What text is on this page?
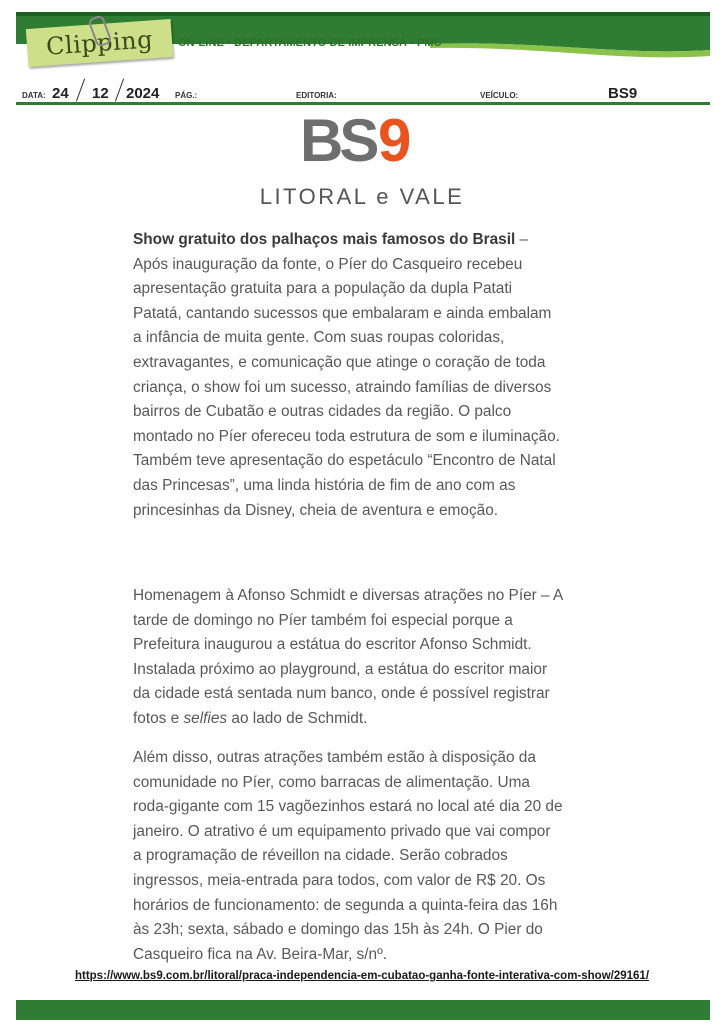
Clipping ON-LINE • DEPARTAMENTO DE IMPRENSA • PMC
DATA: 24 12 2024 PÁG.:	EDITORIA:	VEÍCULO:	BS9
BS 9
LITORAL e VALE
Show gratuito dos palhaços mais famosos do Brasil – Após inauguração da fonte, o Píer do Casqueiro recebeu apresentação gratuita para a população da dupla Patati Patatá, cantando sucessos que embalaram e ainda embalam a infância de muita gente. Com suas roupas coloridas, extravagantes, e comunicação que atinge o coração de toda criança, o show foi um sucesso, atraindo famílias de diversos bairros de Cubatão e outras cidades da região. O palco montado no Píer ofereceu toda estrutura de som e iluminação. Também teve apresentação do espetáculo “Encontro de Natal das Princesas”, uma linda história de fim de ano com as princesinhas da Disney, cheia de aventura e emoção.
Homenagem à Afonso Schmidt e diversas atrações no Píer – A tarde de domingo no Píer também foi especial porque a Prefeitura inaugurou a estátua do escritor Afonso Schmidt. Instalada próximo ao playground, a estátua do escritor maior da cidade está sentada num banco, onde é possível registrar fotos e selfies ao lado de Schmidt.
Além disso, outras atrações também estão à disposição da comunidade no Píer, como barracas de alimentação. Uma roda-gigante com 15 vagõezinhos estará no local até dia 20 de janeiro. O atrativo é um equipamento privado que vai compor a programação de réveillon na cidade. Serão cobrados ingressos, meia-entrada para todos, com valor de R$ 20. Os horários de funcionamento: de segunda a quinta-feira das 16h às 23h; sexta, sábado e domingo das 15h às 24h. O Pier do Casqueiro fica na Av. Beira-Mar, s/nº.
https://www.bs9.com.br/litoral/praca-independencia-em-cubatao-ganha-fonte-interativa-com-show/29161/
